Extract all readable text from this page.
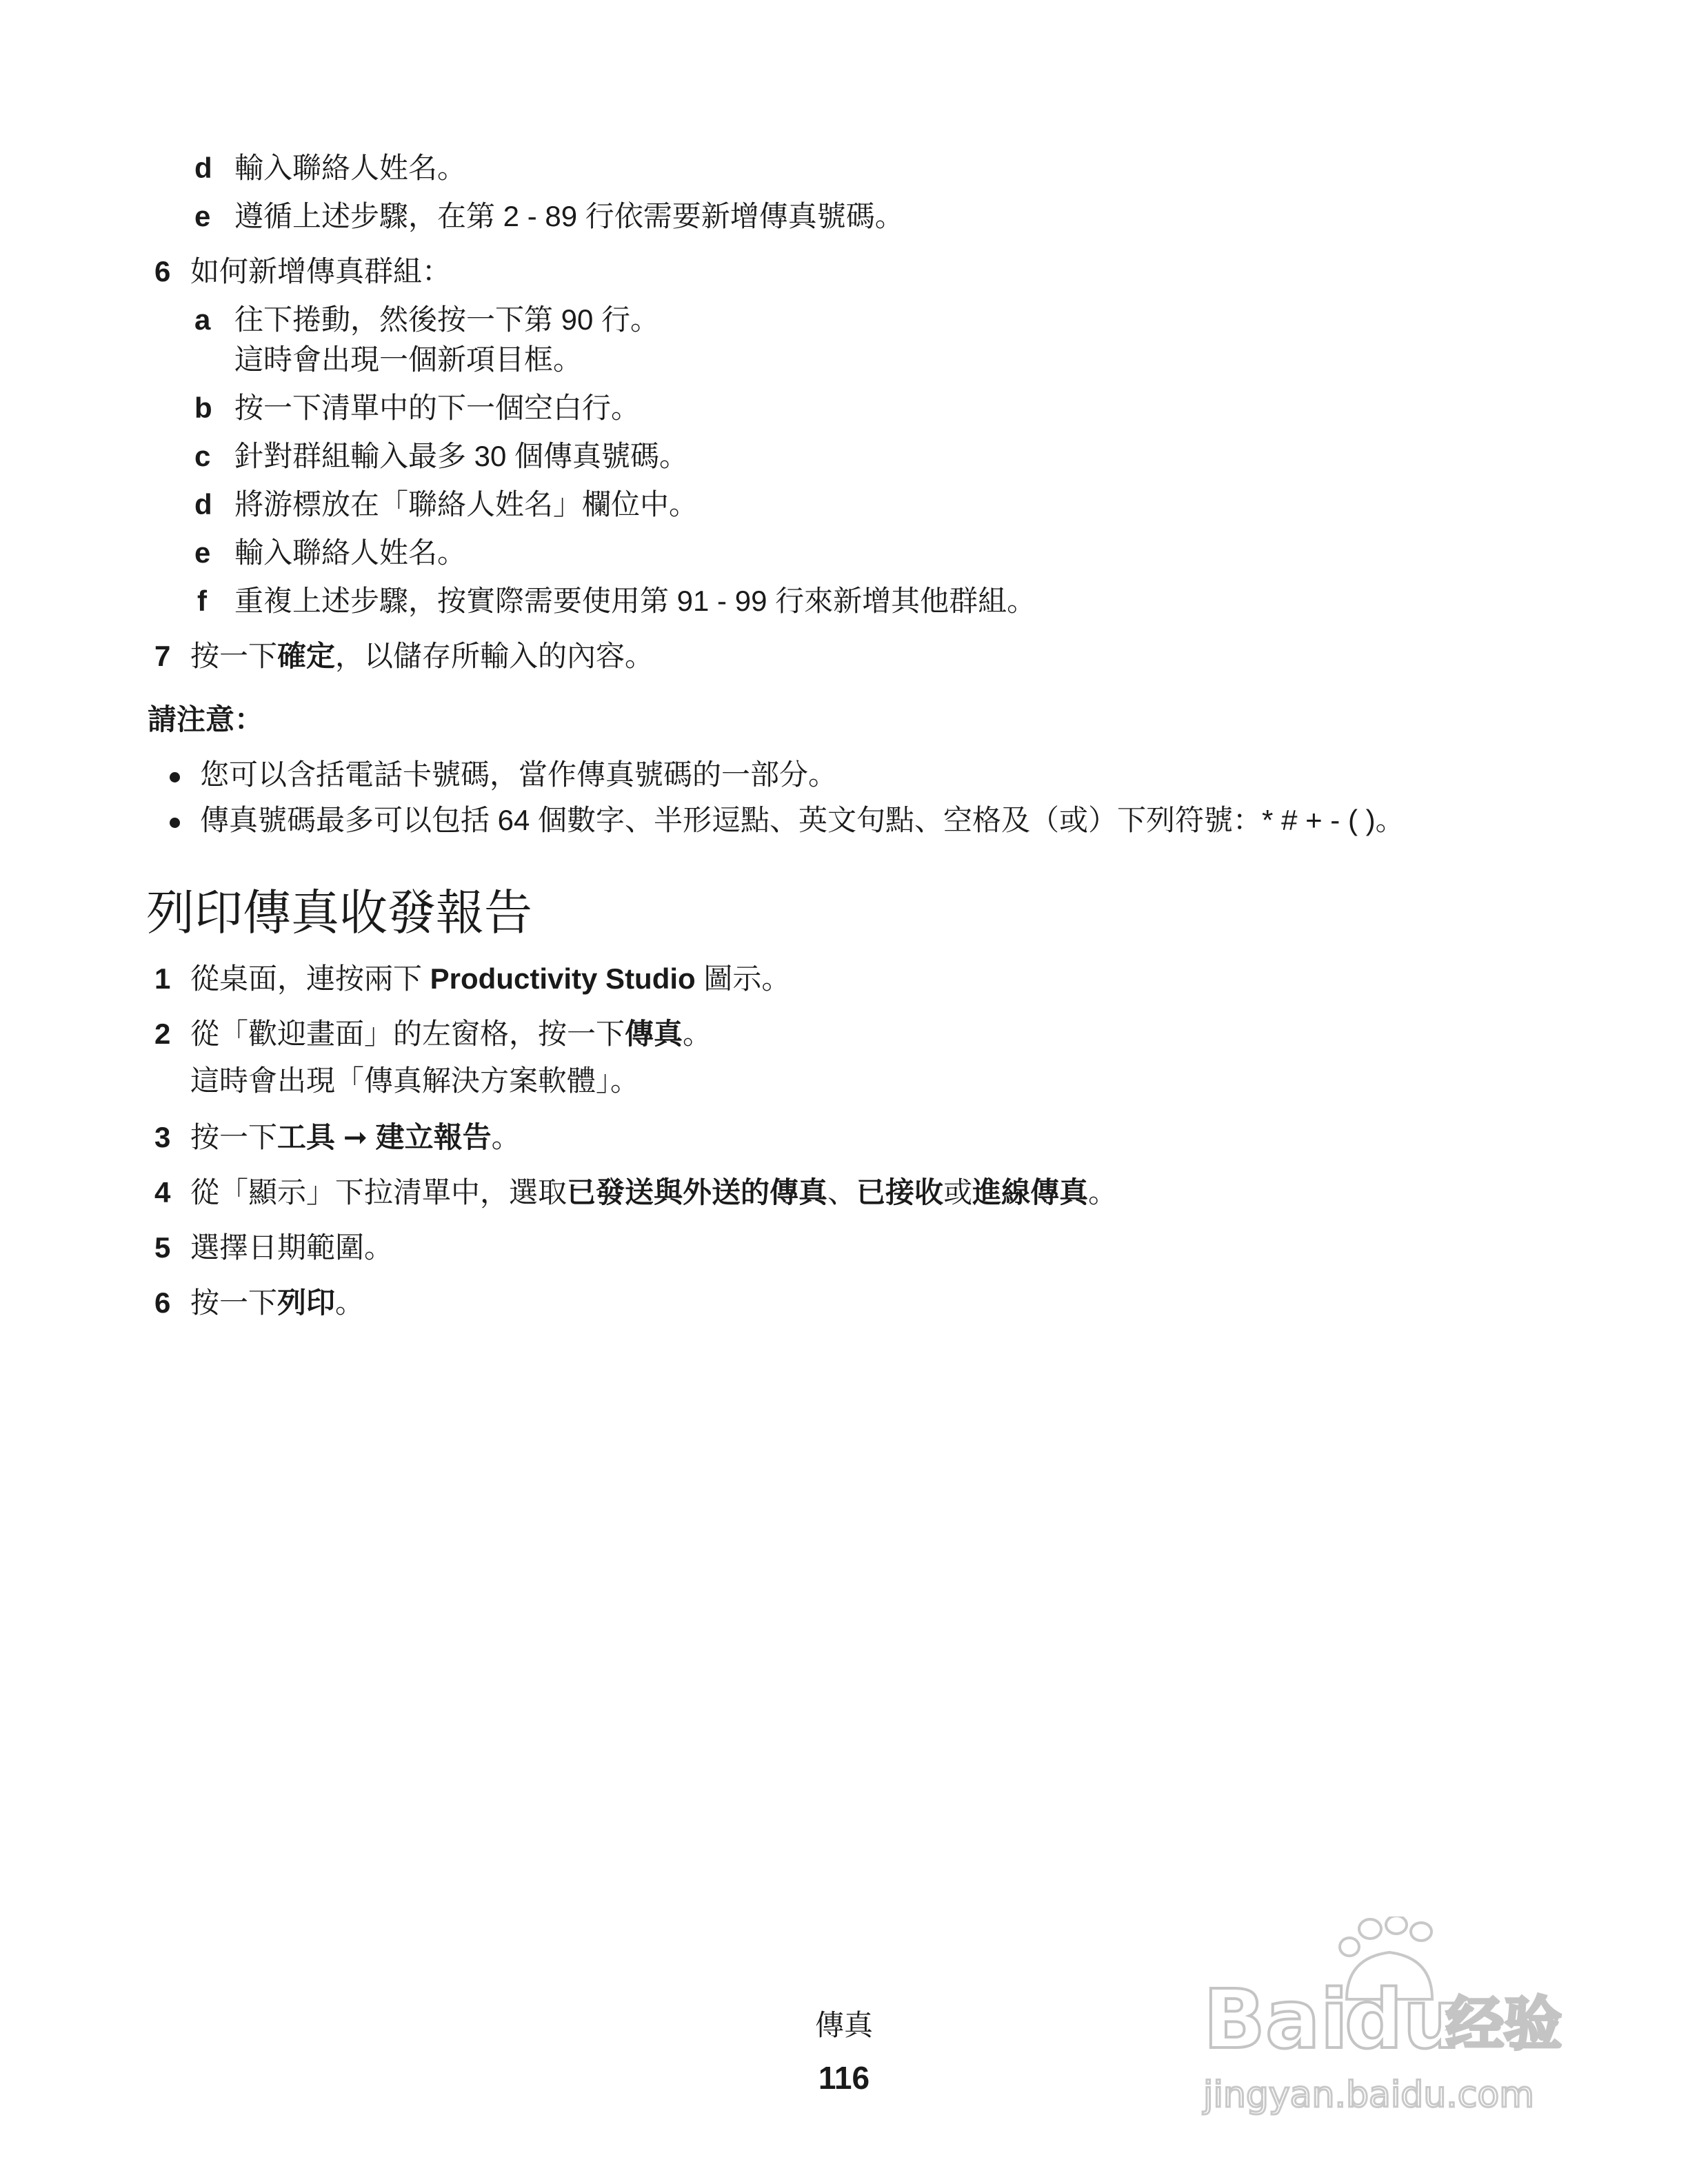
d 輸入聯絡人姓名。
e 遵循上述步驟，在第 2 - 89 行依需要新增傳真號碼。
6 如何新增傳真群組：
a 往下捲動，然後按一下第 90 行。
這時會出現一個新項目框。
b 按一下清單中的下一個空白行。
c 針對群組輸入最多 30 個傳真號碼。
d 將游標放在「聯絡人姓名」欄位中。
e 輸入聯絡人姓名。
f 重複上述步驟，按實際需要使用第 91 - 99 行來新增其他群組。
7 按一下確定，以儲存所輸入的內容。
請注意：
您可以含括電話卡號碼，當作傳真號碼的一部分。
傳真號碼最多可以包括 64 個數字、半形逗點、英文句點、空格及（或）下列符號：* # + - ( )。
列印傳真收發報告
1 從桌面，連按兩下 Productivity Studio 圖示。
2 從「歡迎畫面」的左窗格，按一下傳真。
這時會出現「傳真解決方案軟體」。
3 按一下工具 ➞ 建立報告。
4 從「顯示」下拉清單中，選取已發送與外送的傳真、已接收或進線傳真。
5 選擇日期範圍。
6 按一下列印。
傳真
116
Bai
du
经验
jingyan.baidu.com
